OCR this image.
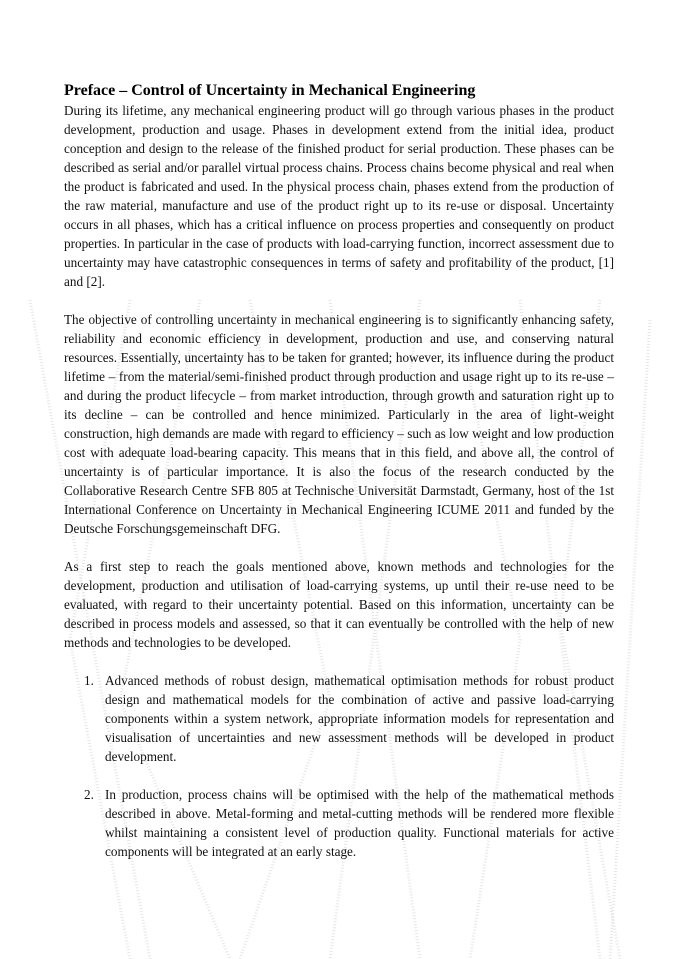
Preface – Control of Uncertainty in Mechanical Engineering

During its lifetime, any mechanical engineering product will go through various phases in the product development, production and usage. Phases in development extend from the initial idea, product conception and design to the release of the finished product for serial production. These phases can be described as serial and/or parallel virtual process chains. Process chains become physical and real when the product is fabricated and used. In the physical process chain, phases extend from the production of the raw material, manufacture and use of the product right up to its re-use or disposal. Uncertainty occurs in all phases, which has a critical influence on process properties and consequently on product properties. In particular in the case of products with load-carrying function, incorrect assessment due to uncertainty may have catastrophic consequences in terms of safety and profitability of the product, [1] and [2].

The objective of controlling uncertainty in mechanical engineering is to significantly enhancing safety, reliability and economic efficiency in development, production and use, and conserving natural resources. Essentially, uncertainty has to be taken for granted; however, its influence during the product lifetime – from the material/semi-finished product through production and usage right up to its re-use – and during the product lifecycle – from market introduction, through growth and saturation right up to its decline – can be controlled and hence minimized. Particularly in the area of light-weight construction, high demands are made with regard to efficiency – such as low weight and low production cost with adequate load-bearing capacity. This means that in this field, and above all, the control of uncertainty is of particular importance. It is also the focus of the research conducted by the Collaborative Research Centre SFB 805 at Technische Universität Darmstadt, Germany, host of the 1st International Conference on Uncertainty in Mechanical Engineering ICUME 2011 and funded by the Deutsche Forschungsgemeinschaft DFG.

As a first step to reach the goals mentioned above, known methods and technologies for the development, production and utilisation of load-carrying systems, up until their re-use need to be evaluated, with regard to their uncertainty potential. Based on this information, uncertainty can be described in process models and assessed, so that it can eventually be controlled with the help of new methods and technologies to be developed.

1. Advanced methods of robust design, mathematical optimisation methods for robust product design and mathematical models for the combination of active and passive load-carrying components within a system network, appropriate information models for representation and visualisation of uncertainties and new assessment methods will be developed in product development.
2. In production, process chains will be optimised with the help of the mathematical methods described in above. Metal-forming and metal-cutting methods will be rendered more flexible whilst maintaining a consistent level of production quality. Functional materials for active components will be integrated at an early stage.
